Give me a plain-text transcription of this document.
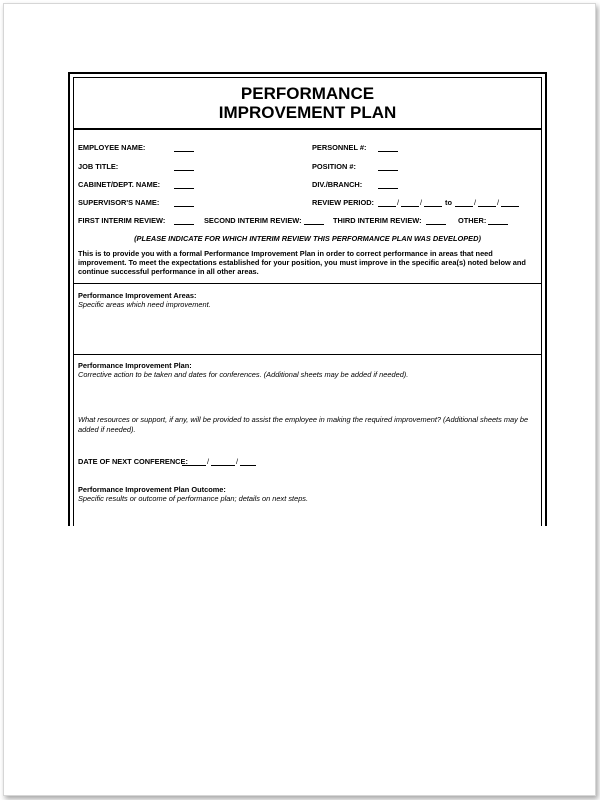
PERFORMANCE
IMPROVEMENT PLAN
EMPLOYEE NAME:	PERSONNEL #:
JOB TITLE:	POSITION #:
CABINET/DEPT. NAME:	DIV./BRANCH:
SUPERVISOR'S NAME:	REVIEW PERIOD:	/	/	to	/	/
FIRST INTERIM REVIEW:	SECOND INTERIM REVIEW:	THIRD INTERIM REVIEW:	OTHER:
(PLEASE INDICATE FOR WHICH INTERIM REVIEW THIS PERFORMANCE PLAN WAS DEVELOPED)
This is to provide you with a formal Performance Improvement Plan in order to correct performance in areas that need improvement. To meet the expectations established for your position, you must improve in the specific area(s) noted below and continue successful performance in all other areas.
Performance Improvement Areas:
Specific areas which need improvement.
Performance Improvement Plan:
Corrective action to be taken and dates for conferences. (Additional sheets may be added if needed).
What resources or support, if any, will be provided to assist the employee in making the required improvement? (Additional sheets may be added if needed).
DATE OF NEXT CONFERENCE:	/	/
Performance Improvement Plan Outcome:
Specific results or outcome of performance plan; details on next steps.
